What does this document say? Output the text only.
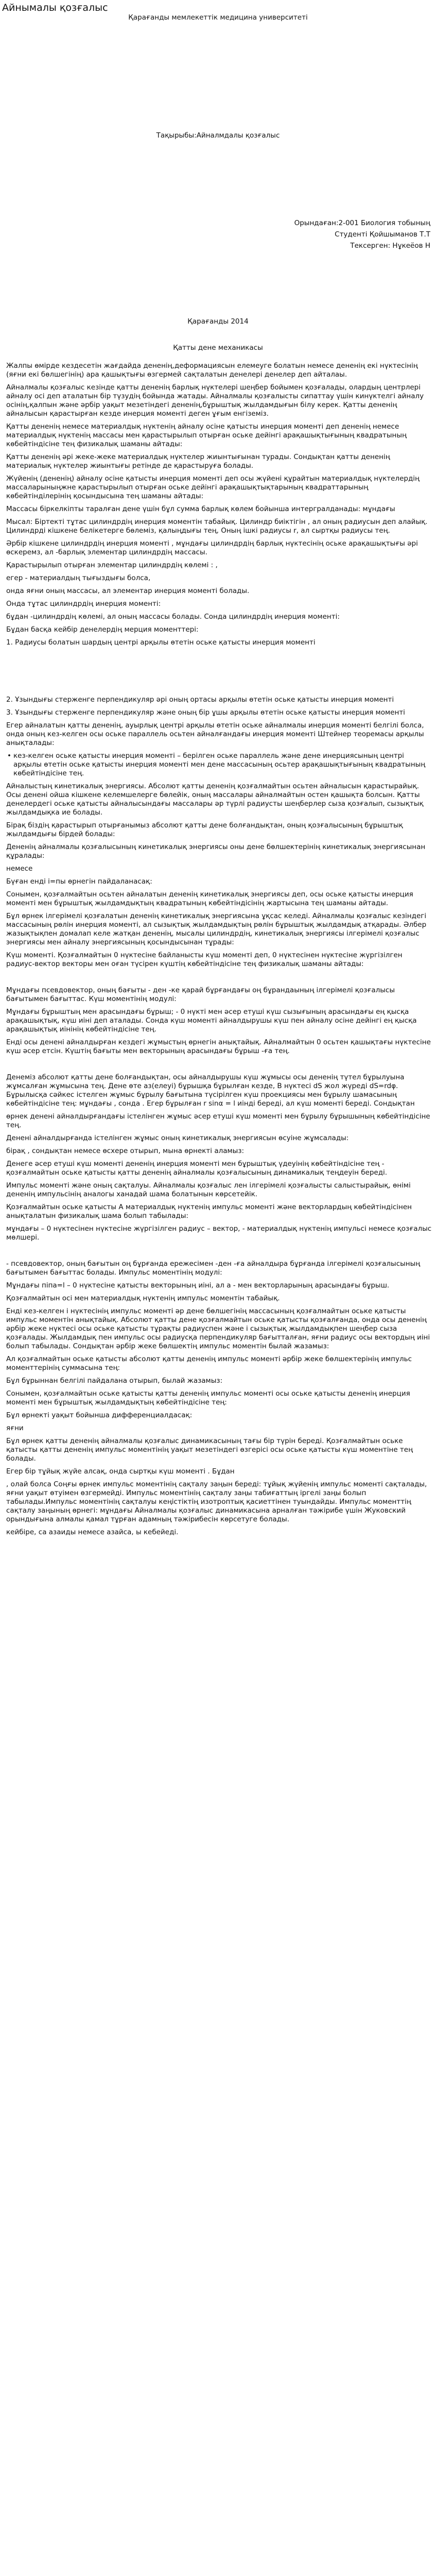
Айнымалы қозғалыс
Қарағанды мемлекеттік медицина университеті
Тақырыбы:Айналмдалы қозғалыс
Орындаған:2-001 Биология тобының
Студенті Қойшыманов Т.Т
Тексерген: Нұкеёов Н
Қарағанды 2014
Қатты дене механикасы

Жалпы өмірде кездесетін жағдайда дененің,деформациясын елемеуге болатын немесе дененің екі нүктесінің (яғни екі бөлшегінің) ара қашықтығы өзгермей сақталатын денелері денелер деп айталаы.

Айналмалы қозғалыс кезінде қатты дененің барлық нүктелері шеңбер бойымен қозғалады, олардың центрлері айналу осі деп аталатын бір түзудің бойында жатады. Айналмалы қозғалысты сипаттау үшін кинүктелгі айналу осінің,қалпын және әрбір уақыт мезетіндегі дененің,бұрыштық жылдамдығын білу керек. Қатты дененің айналысын қарастырған кезде инерция моменті деген ұғым енгіземіз.

Қатты дененің немесе материалдық нүктенің айналу осіне қатысты инерция моменті деп дененің немесе материалдық нүктенің массасы мен қарастырылып отырған оське дейінгі арақашықтығының квадратының көбейтіндісіне тең физикалық шаманы айтады:

Қатты дененің әрі жеке-жеке материалдық нүктелер жиынтығынан турады. Сондықтан қатты дененің материалық нүктелер жиынтығы ретінде де қарастыруға болады.

Жүйенің (дененің) айналу осіне қатысты инерция моменті деп осы жүйені құрайтын материалдық нүктелердің массаларыныңжне қарастырылып отырған оське дейінгі арақашықтықтарының квадраттарының көбейтінділерінің қосындысына тең шаманы айтады:

Массасы біркелкіпты таралған дене үшін бұл сумма барлық көлем бойынша интергралданады: мұндағы

Мысал: Біртекті тұтас цилиндрдің инерция моментін табайық. Цилиндр биіктігін , ал оның радиусын деп алайық. Цилиндрді кішкене белікетерге бөлеміз, қалыңдығы тең, Оның ішкі радиусы r, ал сыртқы радиусы тең.

Әрбір кішкене цилиндрдің инерция моменті , мұндағы цилиндрдің барлық нүктесінің оське арақашықтығы әрі өскеремз, ал -барлық элементар цилиндрдің массасы.

Қарастырылып отырған элементар цилиндрдің көлемі : ,

егер - материалдың тығыздығы болса,

онда яғни оның массасы, ал элементар инерция моменті болады.

Онда тұтас цилиндрдің инерция моменті:

бұдан -цилиндрдің көлемі, ал оның массасы болады. Сонда цилиндрдің инерция моменті:

Бұдан басқа кейбір денелердің мерция моменттері:

1. Радиусы болатын шардың центрі арқылы өтетін оське қатысты инерция моменті

2. Ұзындығы стерженге перпендикуляр әрі оның ортасы арқылы өтетін оське қатысты инерция моменті

3. Ұзындығы стерженге перпендикуляр және оның бір ұшы арқылы өтетін оське қатысты инерция моменті

Егер айналатын қатты дененің, ауырлық центрі арқылы өтетін оське айналмалы инерция моменті белгілі болса, онда оның кез-келген осы оське параллель осьтен айналғандағы инерция моменті Штейнер теоремасы арқылы анықталады:

• кез-келген оське қатысты инерция моменті – берілген оське параллель және дене инерциясының центрі арқылы өтетін оське қатысты инерция моменті мен дене массасының осьтер арақашықтығының квадратының көбейтіндісіне тең.

Айналыстың кинетикалық энергиясы. Абсолют қатты дененің қозғалмайтын осьтен айналысын қарастырайық. Осы денені ойша кішкене келемшелерге бөлейік, оның массалары айналмайтын остен қашықта болсын. Қатты денелердегі оське қатысты айналысындағы массалары әр түрлі радиусты шеңберлер сыза қозғалып, сызықтық жылдамдықка ие болады.

Бірақ біздің қарастырып отырғанымыз абсолют қатты дене болғандықтан, оның қозғалысының бұрыштық жылдамдығы бірдей болады:

Дененің айналмалы қозғалысының кинетикалық энергиясы оны дене бөлшектерінің кинетикалық энергиясынан құралады:

немесе

Бүған енді і=пы өрнегін пайдаланасақ:

Сонымен, қозғалмайтын осьтен айналатын дененің кинетикалық энергиясы деп, осы оське қатысты инерция моменті мен бұрыштық жылдамдықтың квадратының көбейтіндісінің жартысына тең шаманы айтады.

Бұл өрнек ілгерімелі қозғалатын дененің кинетикалық энергиясына ұқсас келеді. Айналмалы қозғалыс кезіндегі массасының рөлін инерция моменті, ал сызықтық жылдамдықтың рөлін бұрыштық жылдамдық атқарады. Әлбер жазықтықпен домалап келе жатқан дененің, мысалы цилиндрдің, кинетикалық энергиясы ілгерімелі қозғалыс энергиясы мен айналу энергиясының қосындысынан тұрады:

Күш моменті. Қозғалмайтын 0 нүктесіне байланысты күш моменті деп, 0 нүктесінен нүктесіне жүргізілген радиус-вектор векторы мен оған түсірен күштің көбейтіндісіне тең физикалық шаманы айтады:

Мұндағы псевдовектор, оның бағыты - ден -ке қарай бұрғандағы оң бұрандаының ілгерімелі қозғалысы бағытымен бағыттас. Күш моментінің модулі:

Мұндағы бұрыштың мен арасындағы бұрыш; - 0 нүкті мен әсер етуші күш сызығының арасындағы ең қысқа арақашықтық, күш иінi деп аталады. Сонда күш моменті айналдырушы күш пен айналу осіне дейінгі ең қысқа арақашықтық иінінің көбейтіндісіне тең.

Енді осы денені айналдырған кездегі жұмыстың өрнегін анықтайық. Айналмайтын 0 осьтен қашықтағы нүктесіне күш әсер етсін. Күштің бағыты мен векторының арасындағы бұрыш -ға тең.

Денемiз абсолют қатты дене болғандықтан, осы айналдырушы күш жұмысы осы дененің түтел бұрылуына жұмсалған жұмысына тең. Дене өте аз(елеуі) бұрышқа бұрылған кезде, В нүктесі dS жол жүреді dS=rdφ. Бұрылысқа сәйкес істелген жұмыс бұрылу бағытына түсірілген күш проекциясы мен бұрылу шамасының көбейтіндісіне тең: мұндағы , сонда . Егер бұрылған r sinα = l иінді береді, ал күш моменті береді. Сондықтан

өрнек дененi айналдырғандағы iстелiнген жұмыс әсер етушi күш моментi мен бұрылу бұрышының көбейтiндiсiне тең.

Дененi айналдырғанда iстелiнген жұмыс оның кинетикалық энергиясын өсуіне жұмсалады:

бірақ , сондықтан немесе өсхере отырып, мына өрнекті аламыз:

Денеге әсер етуші күш моменті дененің инерция моменті мен бұрыштық үдеуінің көбейтіндісіне тең - қозғалмайтын оське қатысты қатты дененің айналмалы қозғалысының динамикалық теңдеуін береді.

Импульс моменті және оның сақталуы. Айналмалы қозғалыс лен ілгерімелі қозғалысты салыстырайық, өнімі дененің импульсінің аналогы ханадай шама болатынын көрсетейік.

Қозғалмайтын оське қатысты А материалдық нүктенің импульс моменті және векторлардың көбейтіндісінен анықталатын физикалық шама болып табылады:

мұндағы – 0 нүктесінен нүктесіне жүргізілген радиус – вектор, - материалдық нүктенің импульсі немесе қозғалыс мөлшері.

- псевдовектор, оның бағытын оң бұрғанда ережесімен -ден -ға айналдыра бұрғанда ілгерімелі қозғалысының бағытымен бағыттас болады. Импульс моментінің модулі:

Мұндағы пiпа=l – 0 нүктесiне қатысты векторының иiнi, ал а - мен векторларының арасындағы бұрыш.

Қозғалмайтын осi мен материалдық нүктенiң импульс моментiн табайық.

Енді кез-келген і нүктесінің импульс моменті әр дене бөлшегінің массасының қозғалмайтын оське қатысты импульс моментін анықтайық. Абсолют қатты дене қозғалмайтын оське қатысты қозғалғанда, онда осы дененің әрбір жеке нүктесі осы оське қатысты тұрақты радиуспен және і сызықтық жылдамдықпен шеңбер сыза қозғалады. Жылдамдық пен импульс осы радиусқа перпендикуляр бағытталған, яғни радиус осы вектордың иіні болып табылады. Сондықтан әрбір жеке бөлшектің импульс моментін былай жазамыз:

Ал қозғалмайтын оське қатысты абсолют қатты дененің импульс моменті әрбір жеке бөлшектерінің импульс моменттерінің суммасына тең:

Бұл бұрыннан белгілі пайдалана отырып, былай жазамыз:

Сонымен, қозғалмайтын оське қатысты қатты дененің импульс моменті осы оське қатысты дененің инерция моменті мен бұрыштық жылдамдықтың көбейтіндісіне тең:

Бұл өрнекті уақыт бойынша дифференциалдасақ:

яғни

Бұл өрнек қатты дененің айналмалы қозғалыс динамикасының тағы бір түрін береді. Қозғалмайтын оське қатысты қатты дененің импульс моментінің уақыт мезетіндегі өзгерісі осы оське қатысты күш моментіне тең болады.

Егер бір тұйық жүйе алсақ, онда сыртқы күш моменті . Бұдан

, олай болса Соңғы өрнек импульс моментінің сақталу заңын береді: тұйық жүйенің импульс моменті сақталады, яғни уақыт өтуімен өзгермейді. Импульс моментінің сақталу заңы табиғаттың іргелі заңы болып табылады.Импульс моментінің сақталуы кеңістіктің изотроптық қасиеттінен туындайды. Импульс моменттің сақталу заңының өрнегі: мұндағы Айналмалы қозғалыс динамикасына арналған тәжірибе үшін Жуковский орындығына алмалы қамал тұрған адамның тәжірибесін көрсетуге болады.

кейбіре, са азаиды немесе азайса, ы кебейеді.
